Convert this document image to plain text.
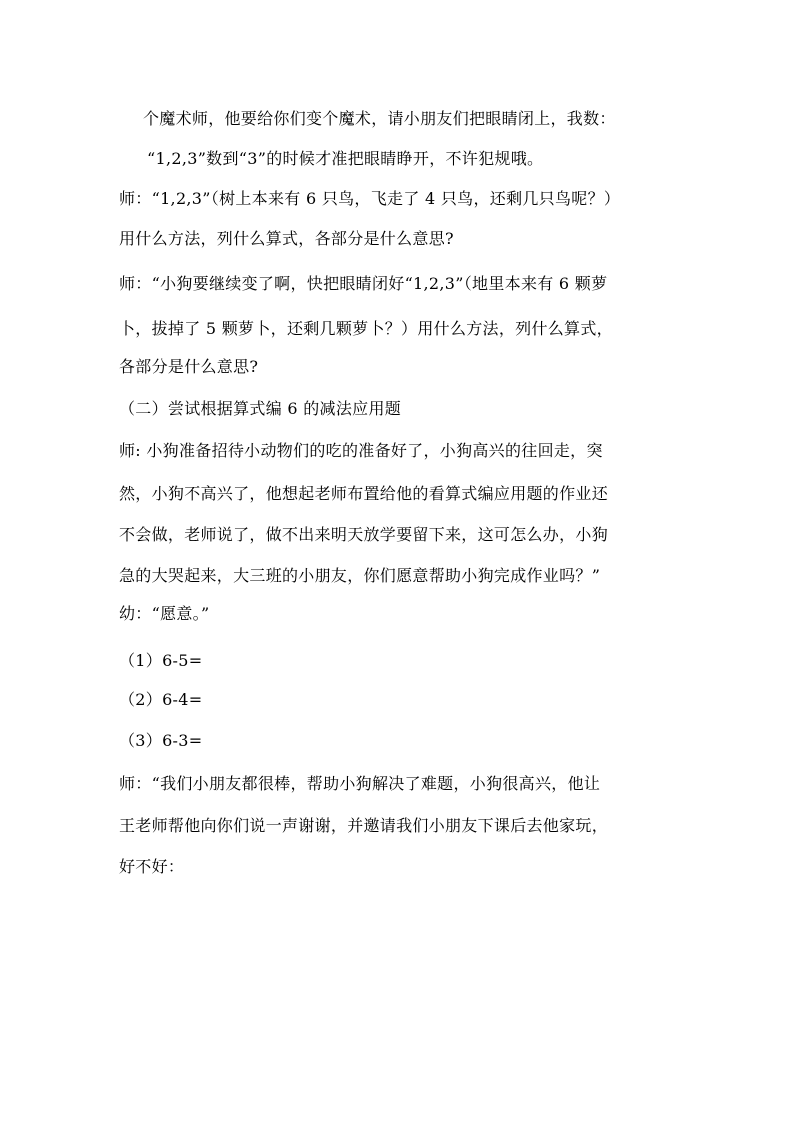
个魔术师，他要给你们变个魔术，请小朋友们把眼睛闭上，我数：
“1,2,3”数到“3”的时候才准把眼睛睁开，不许犯规哦。
师：“1,2,3”（树上本来有 6 只鸟，飞走了 4 只鸟，还剩几只鸟呢？）
用什么方法，列什么算式，各部分是什么意思?
师：“小狗要继续变了啊，快把眼睛闭好“1,2,3”（地里本来有 6 颗萝
卜，拔掉了 5 颗萝卜，还剩几颗萝卜？）用什么方法，列什么算式，
各部分是什么意思?
（二）尝试根据算式编 6 的减法应用题
师: 小狗准备招待小动物们的吃的准备好了，小狗高兴的往回走，突
然，小狗不高兴了，他想起老师布置给他的看算式编应用题的作业还
不会做，老师说了，做不出来明天放学要留下来，这可怎么办，小狗
急的大哭起来，大三班的小朋友，你们愿意帮助小狗完成作业吗？”
幼：“愿意。”
（1）6-5=
（2）6-4=
（3）6-3=
师：“我们小朋友都很棒，帮助小狗解决了难题，小狗很高兴，他让
王老师帮他向你们说一声谢谢，并邀请我们小朋友下课后去他家玩，
好不好：
